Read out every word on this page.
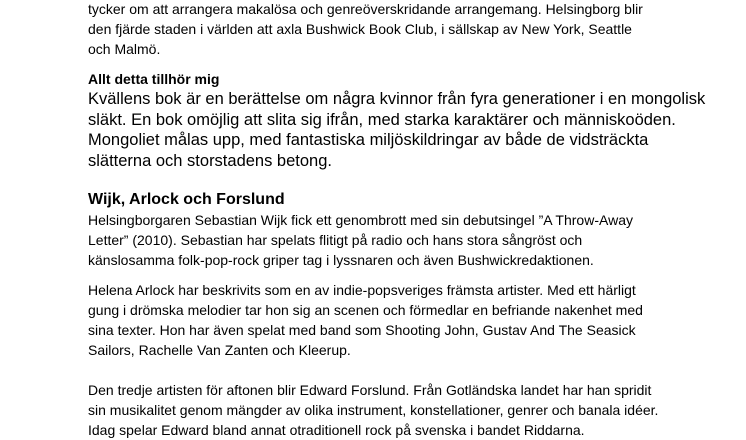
tycker om att arrangera makalösa och genreöverskridande arrangemang. Helsingborg blir
den fjärde staden i världen att axla Bushwick Book Club, i sällskap av New York, Seattle
och Malmö.

Allt detta tillhör mig

Kvällens bok är en berättelse om några kvinnor från fyra generationer i en mongolisk
släkt. En bok omöjlig att slita sig ifrån, med starka karaktärer och människoöden.
Mongoliet målas upp, med fantastiska miljöskildringar av både de vidsträckta
slätterna och storstadens betong.

Wijk, Arlock och Forslund

Helsingborgaren Sebastian Wijk fick ett genombrott med sin debutsingel ”A Throw-Away
Letter” (2010). Sebastian har spelats flitigt på radio och hans stora sångröst och
känslosamma folk-pop-rock griper tag i lyssnaren och även Bushwickredaktionen.

Helena Arlock har beskrivits som en av indie-popsveriges främsta artister. Med ett härligt
gung i drömska melodier tar hon sig an scenen och förmedlar en befriande nakenhet med
sina texter. Hon har även spelat med band som Shooting John, Gustav And The Seasick
Sailors, Rachelle Van Zanten och Kleerup.

Den tredje artisten för aftonen blir Edward Forslund. Från Gotländska landet har han spridit
sin musikalitet genom mängder av olika instrument, konstellationer, genrer och banala idéer.
Idag spelar Edward bland annat otraditionell rock på svenska i bandet Riddarna.
